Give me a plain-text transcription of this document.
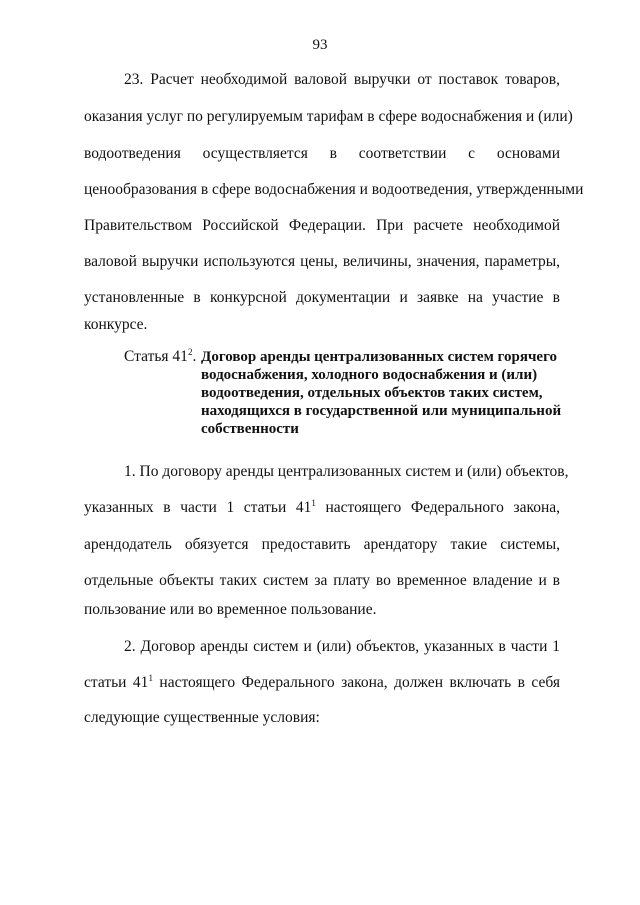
93
23. Расчет необходимой валовой выручки от поставок товаров,
оказания услуг по регулируемым тарифам в сфере водоснабжения и (или)
водоотведения осуществляется в соответствии с основами
ценообразования в сфере водоснабжения и водоотведения, утвержденными
Правительством Российской Федерации. При расчете необходимой
валовой выручки используются цены, величины, значения, параметры,
установленные в конкурсной документации и заявке на участие в
конкурсе.
Статья $41^2$. Договор аренды централизованных систем горячего
водоснабжения, холодного водоснабжения и (или)
водоотведения, отдельных объектов таких систем,
находящихся в государственной или муниципальной
собственности
1. По договору аренды централизованных систем и (или) объектов,
указанных в части 1 статьи $41^1$ настоящего Федерального закона,
арендодатель обязуется предоставить арендатору такие системы,
отдельные объекты таких систем за плату во временное владение и в
пользование или во временное пользование.
2. Договор аренды систем и (или) объектов, указанных в части 1
статьи $41^1$ настоящего Федерального закона, должен включать в себя
следующие существенные условия:
